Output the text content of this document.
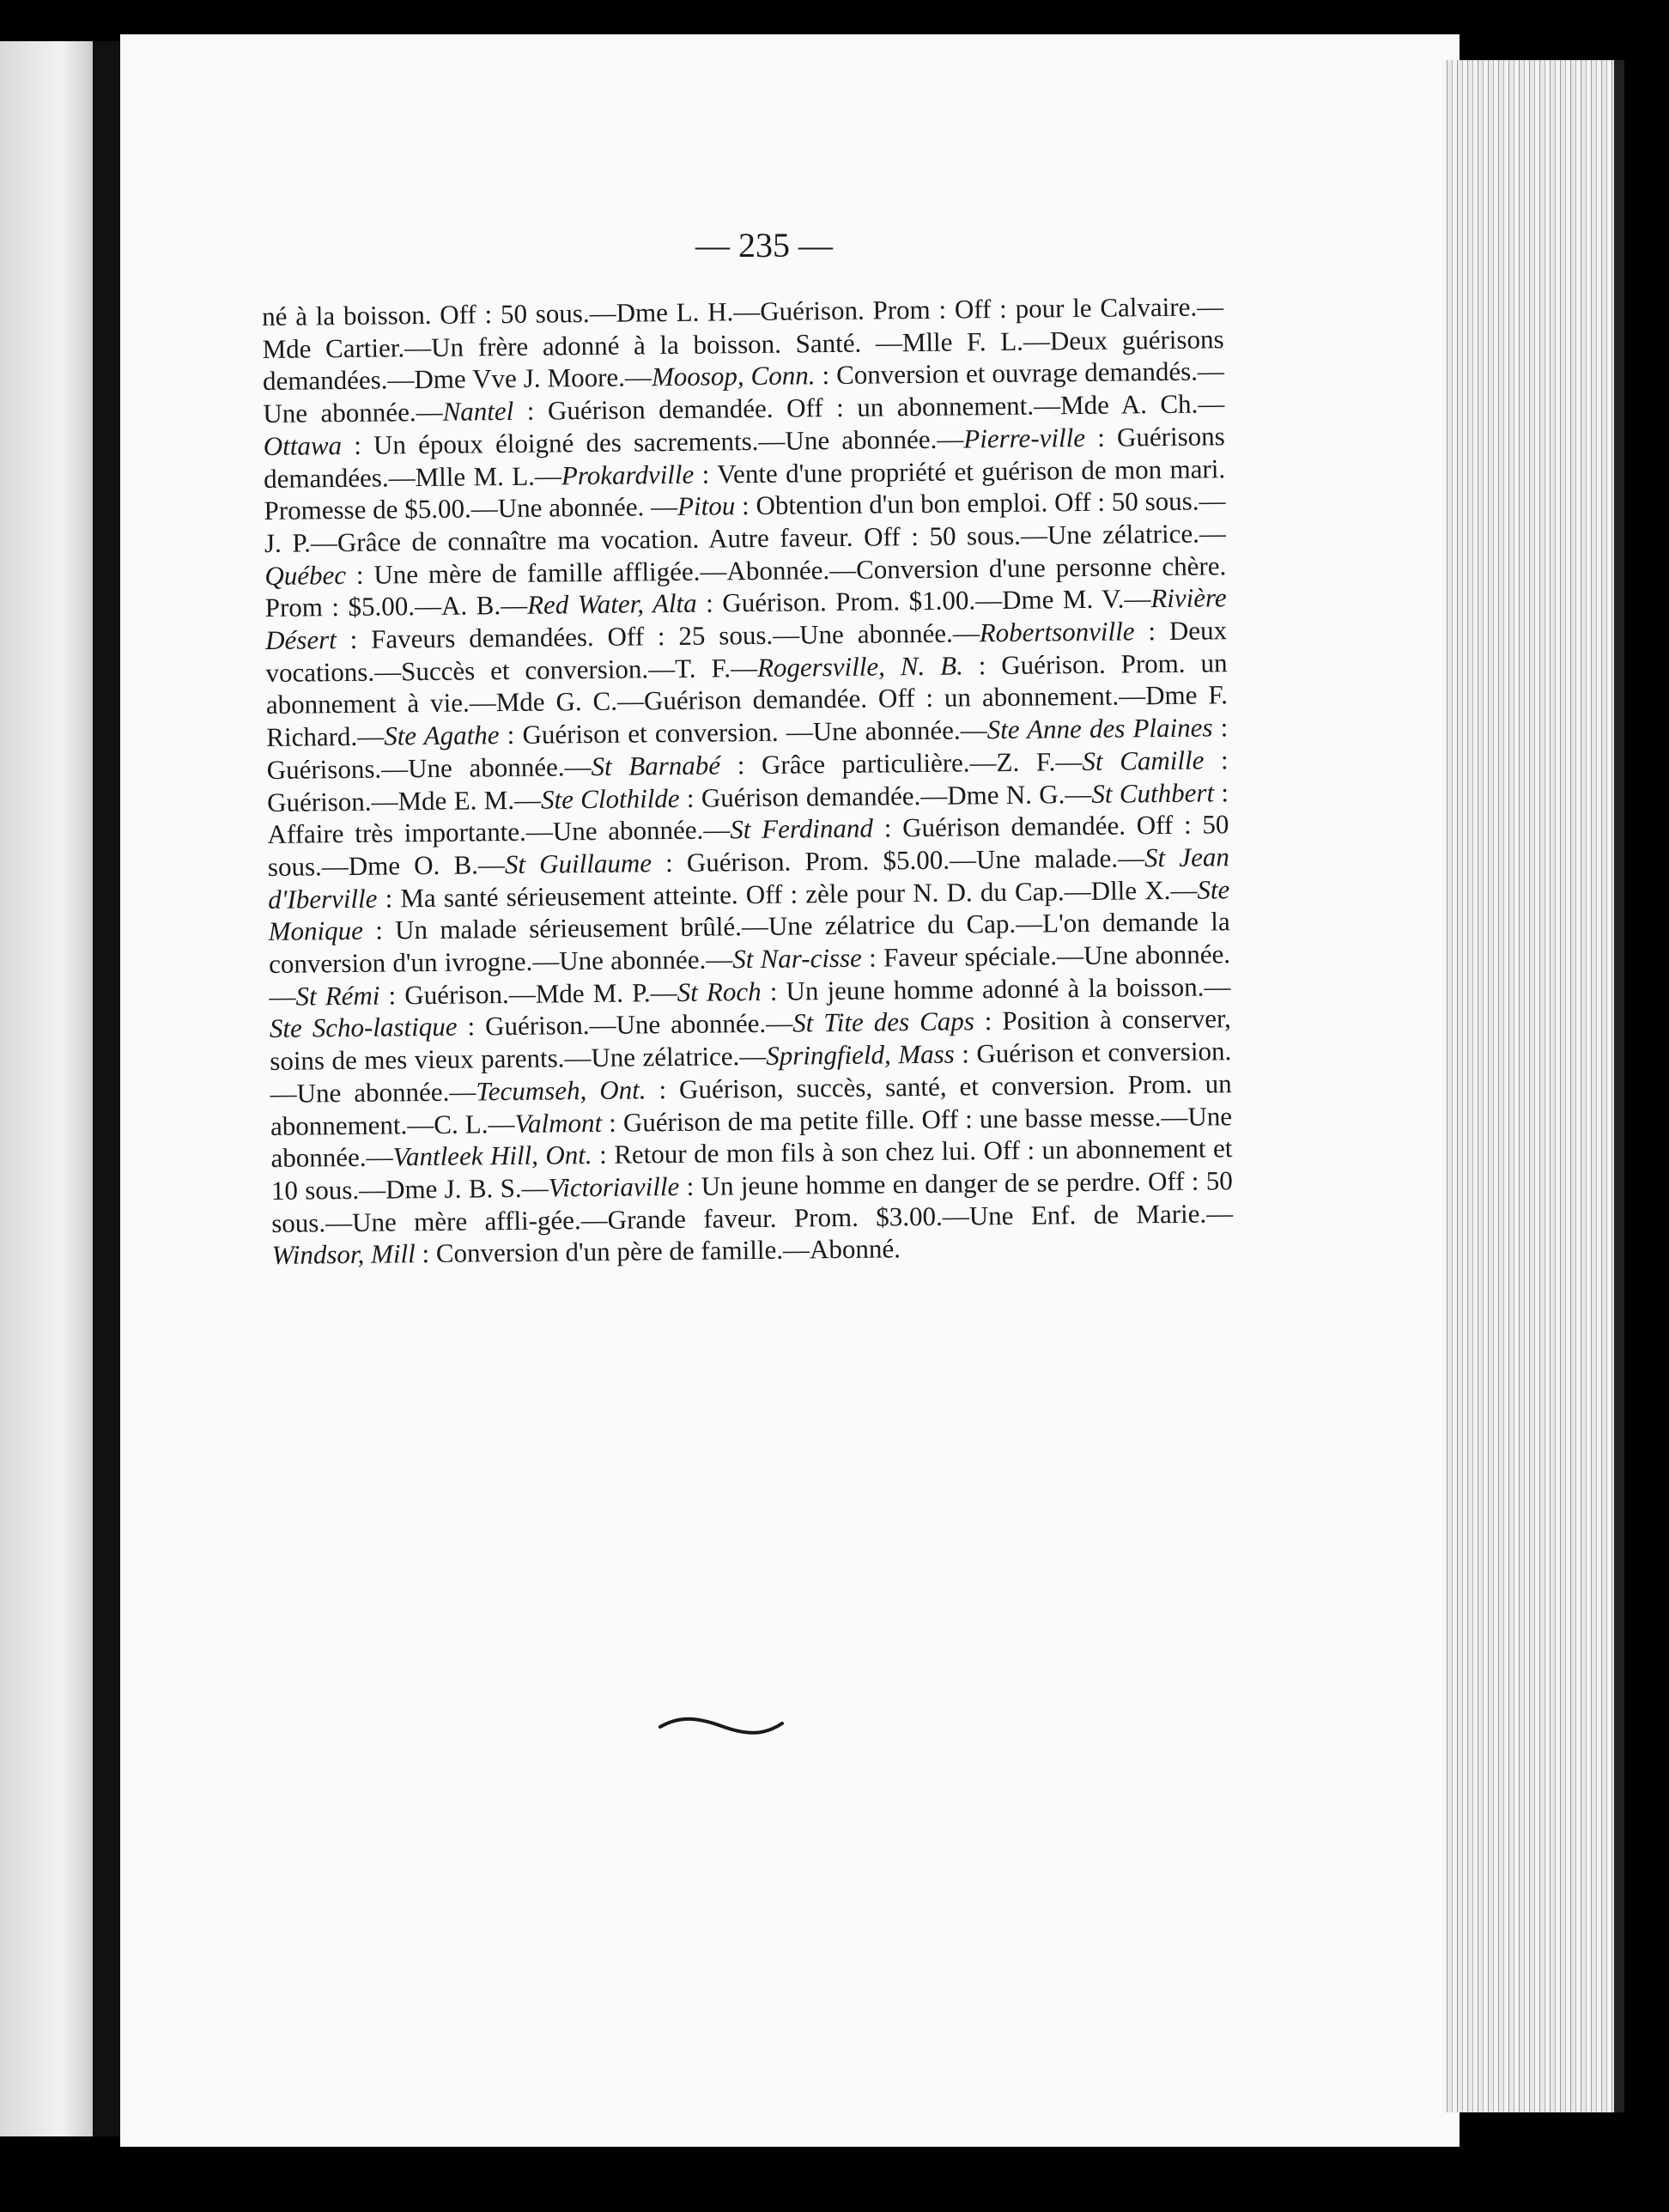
— 235 —

né à la boisson. Off : 50 sous.—Dme L. H.—Guérison. Prom : Off : pour le Calvaire.—Mde Cartier.—Un frère adonné à la boisson. Santé. —Mlle F. L.—Deux guérisons demandées.—Dme Vve J. Moore.—Moosop, Conn. : Conversion et ouvrage demandés.—Une abonnée.—Nantel : Guérison demandée. Off : un abonnement.—Mde A. Ch.—Ottawa : Un époux éloigné des sacrements.—Une abonnée.—Pierre-ville : Guérisons demandées.—Mlle M. L.—Prokardville : Vente d'une propriété et guérison de mon mari. Promesse de $5.00.—Une abonnée. —Pitou : Obtention d'un bon emploi. Off : 50 sous.—J. P.—Grâce de connaître ma vocation. Autre faveur. Off : 50 sous.—Une zélatrice.—Québec : Une mère de famille affligée.—Abonnée.—Conversion d'une personne chère. Prom : $5.00.—A. B.—Red Water, Alta : Guérison. Prom. $1.00.—Dme M. V.—Rivière Désert : Faveurs demandées. Off : 25 sous.—Une abonnée.—Robertsonville : Deux vocations.—Succès et conversion.—T. F.—Rogersville, N. B. : Guérison. Prom. un abonnement à vie.—Mde G. C.—Guérison demandée. Off : un abonnement.—Dme F. Richard.—Ste Agathe : Guérison et conversion. —Une abonnée.—Ste Anne des Plaines : Guérisons.—Une abonnée.—St Barnabé : Grâce particulière.—Z. F.—St Camille : Guérison.—Mde E. M.—Ste Clothilde : Guérison demandée.—Dme N. G.—St Cuthbert : Affaire très importante.—Une abonnée.—St Ferdinand : Guérison demandée. Off : 50 sous.—Dme O. B.—St Guillaume : Guérison. Prom. $5.00.—Une malade.—St Jean d'Iberville : Ma santé sérieusement atteinte. Off : zèle pour N. D. du Cap.—Dlle X.—Ste Monique : Un malade sérieusement brûlé.—Une zélatrice du Cap.—L'on demande la conversion d'un ivrogne.—Une abonnée.—St Nar-cisse : Faveur spéciale.—Une abonnée.—St Rémi : Guérison.—Mde M. P.—St Roch : Un jeune homme adonné à la boisson.—Ste Scho-lastique : Guérison.—Une abonnée.—St Tite des Caps : Position à conserver, soins de mes vieux parents.—Une zélatrice.—Springfield, Mass : Guérison et conversion.—Une abonnée.—Tecumseh, Ont. : Guérison, succès, santé, et conversion. Prom. un abonnement.—C. L.—Valmont : Guérison de ma petite fille. Off : une basse messe.—Une abonnée.—Vantleek Hill, Ont. : Retour de mon fils à son chez lui. Off : un abonnement et 10 sous.—Dme J. B. S.—Victoriaville : Un jeune homme en danger de se perdre. Off : 50 sous.—Une mère affli-gée.—Grande faveur. Prom. $3.00.—Une Enf. de Marie.—Windsor, Mill : Conversion d'un père de famille.—Abonné.
